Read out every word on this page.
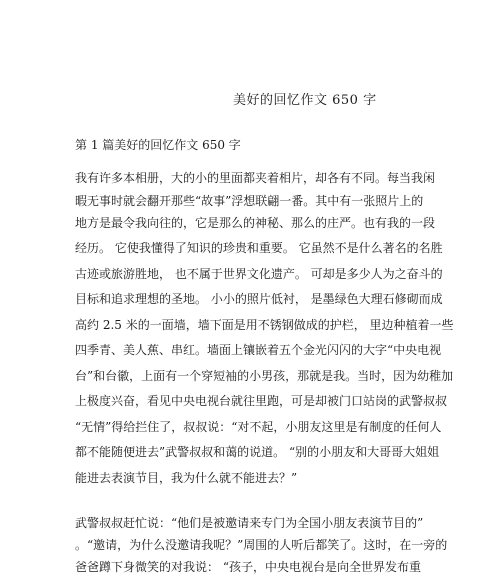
美好的回忆作文 650 字
第 1 篇美好的回忆作文 650 字
我有许多本相册，大的小的里面都夹着相片，却各有不同。每当我闲
暇无事时就会翻开那些“故事”浮想联翩一番。其中有一张照片上的
地方是最令我向往的，它是那么的神秘、那么的庄严。也有我的一段
经历。 它使我懂得了知识的珍贵和重要。 它虽然不是什么著名的名胜
古迹或旅游胜地， 也不属于世界文化遗产。 可却是多少人为之奋斗的
目标和追求理想的圣地。 小小的照片低衬， 是墨绿色大理石修砌而成
高约 2.5 米的一面墙，墙下面是用不锈钢做成的护栏， 里边种植着一些
四季青、美人蕉、串红。墙面上镶嵌着五个金光闪闪的大字“中央电视
台”和台徽，上面有一个穿短袖的小男孩，那就是我。当时，因为幼稚加
上极度兴奋，看见中央电视台就往里跑，可是却被门口站岗的武警叔叔
“无情”得给拦住了，叔叔说：“对不起，小朋友这里是有制度的任何人
都不能随便进去”武警叔叔和蔼的说道。 “别的小朋友和大哥哥大姐姐
能进去表演节目，我为什么就不能进去？”
武警叔叔赶忙说：“他们是被邀请来专门为全国小朋友表演节目的”
。“邀请，为什么没邀请我呢？”周围的人听后都笑了。这时，在一旁的
爸爸蹲下身微笑的对我说： “孩子，中央电视台是向全世界发布重
